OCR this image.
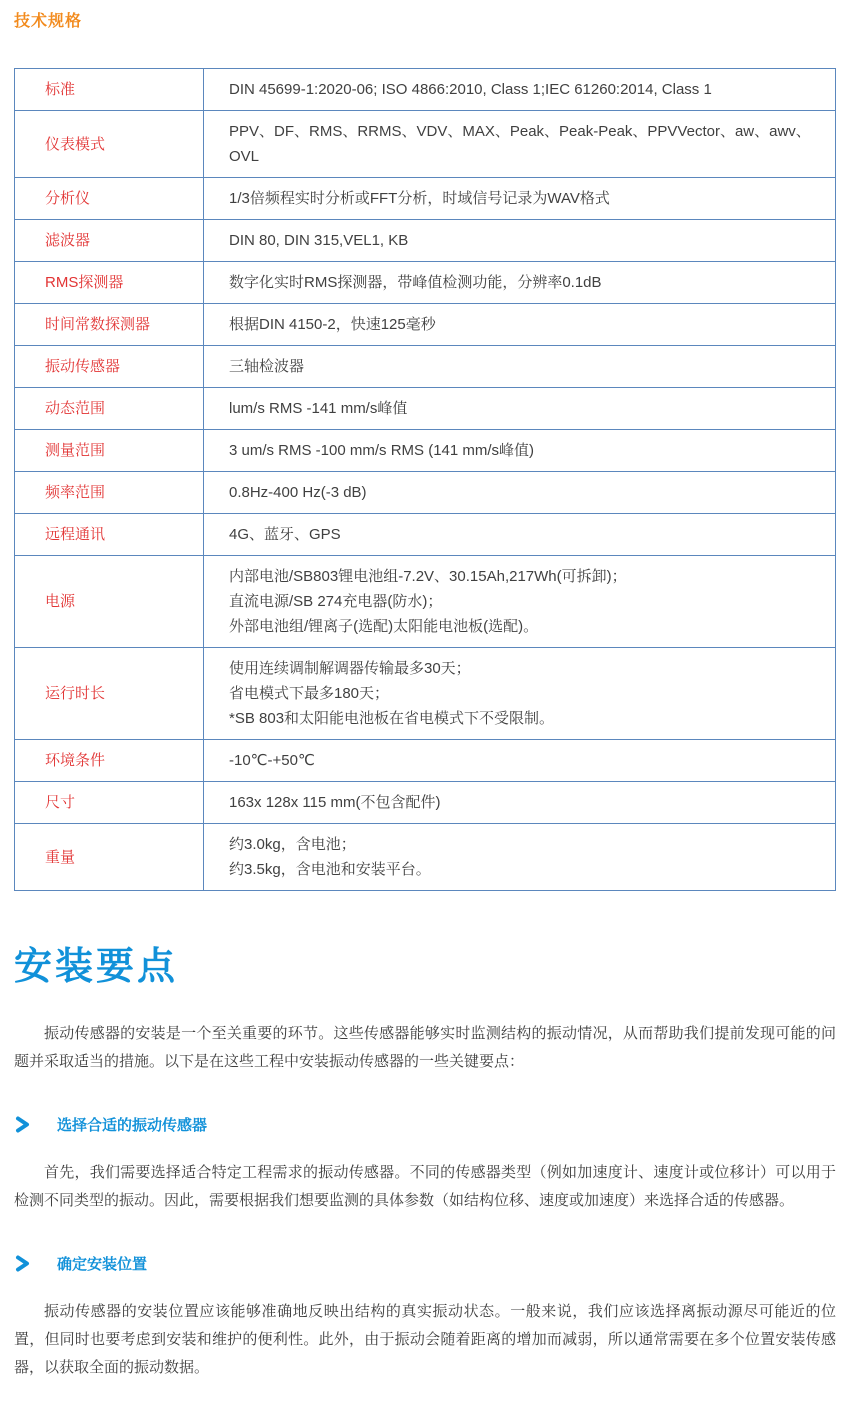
技术规格
标准	DIN 45699-1:2020-06; ISO 4866:2010, Class 1;IEC 61260:2014, Class 1

仪表模式	PPV、DF、RMS、RRMS、VDV、MAX、Peak、Peak-Peak、PPVVector、aw、awv、OVL

分析仪	1/3倍频程实时分析或FFT分析，时域信号记录为WAV格式

滤波器	DIN 80, DIN 315,VEL1, KB

RMS探测器	数字化实时RMS探测器，带峰值检测功能，分辨率0.1dB

时间常数探测器	根据DIN 4150-2，快速125毫秒

振动传感器	三轴检波器

动态范围	lum/s RMS -141 mm/s峰值

测量范围	3 um/s RMS -100 mm/s RMS (141 mm/s峰值)

频率范围	0.8Hz-400 Hz(-3 dB)

远程通讯	4G、蓝牙、GPS

电源	内部电池/SB803锂电池组-7.2V、30.15Ah,217Wh(可拆卸)；
直流电源/SB 274充电器(防水)；
外部电池组/锂离子(选配)太阳能电池板(选配)。

运行时长	使用连续调制解调器传输最多30天；
省电模式下最多180天；
*SB 803和太阳能电池板在省电模式下不受限制。

环境条件	-10℃-+50℃

尺寸	163x 128x 115 mm(不包含配件)

重量	约3.0kg，含电池；
约3.5kg，含电池和安装平台。
安装要点

振动传感器的安装是一个至关重要的环节。这些传感器能够实时监测结构的振动情况，从而帮助我们提前发现可能的问题并采取适当的措施。以下是在这些工程中安装振动传感器的一些关键要点：

选择合适的振动传感器

首先，我们需要选择适合特定工程需求的振动传感器。不同的传感器类型（例如加速度计、速度计或位移计）可以用于检测不同类型的振动。因此，需要根据我们想要监测的具体参数（如结构位移、速度或加速度）来选择合适的传感器。

确定安装位置

振动传感器的安装位置应该能够准确地反映出结构的真实振动状态。一般来说，我们应该选择离振动源尽可能近的位置，但同时也要考虑到安装和维护的便利性。此外，由于振动会随着距离的增加而减弱，所以通常需要在多个位置安装传感器，以获取全面的振动数据。
